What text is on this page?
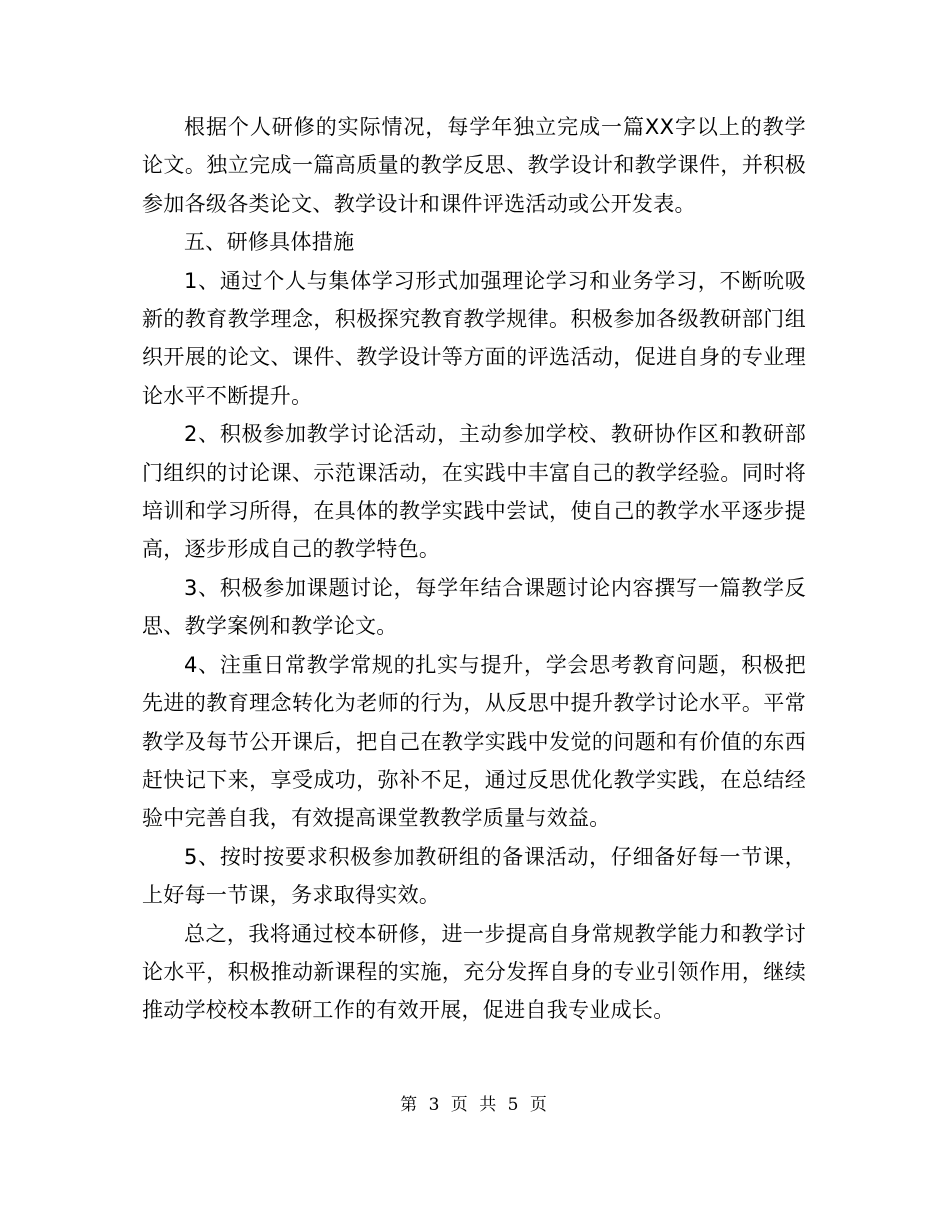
根据个人研修的实际情况，每学年独立完成一篇XX字以上的教学论文。独立完成一篇高质量的教学反思、教学设计和教学课件，并积极参加各级各类论文、教学设计和课件评选活动或公开发表。

五、研修具体措施

1、通过个人与集体学习形式加强理论学习和业务学习，不断吮吸新的教育教学理念，积极探究教育教学规律。积极参加各级教研部门组织开展的论文、课件、教学设计等方面的评选活动，促进自身的专业理论水平不断提升。

2、积极参加教学讨论活动，主动参加学校、教研协作区和教研部门组织的讨论课、示范课活动，在实践中丰富自己的教学经验。同时将培训和学习所得，在具体的教学实践中尝试，使自己的教学水平逐步提高，逐步形成自己的教学特色。

3、积极参加课题讨论，每学年结合课题讨论内容撰写一篇教学反思、教学案例和教学论文。

4、注重日常教学常规的扎实与提升，学会思考教育问题，积极把先进的教育理念转化为老师的行为，从反思中提升教学讨论水平。平常教学及每节公开课后，把自己在教学实践中发觉的问题和有价值的东西赶快记下来，享受成功，弥补不足，通过反思优化教学实践，在总结经验中完善自我，有效提高课堂教教学质量与效益。

5、按时按要求积极参加教研组的备课活动，仔细备好每一节课，上好每一节课，务求取得实效。

总之，我将通过校本研修，进一步提高自身常规教学能力和教学讨论水平，积极推动新课程的实施，充分发挥自身的专业引领作用，继续推动学校校本教研工作的有效开展，促进自我专业成长。

第 3 页 共 5 页
